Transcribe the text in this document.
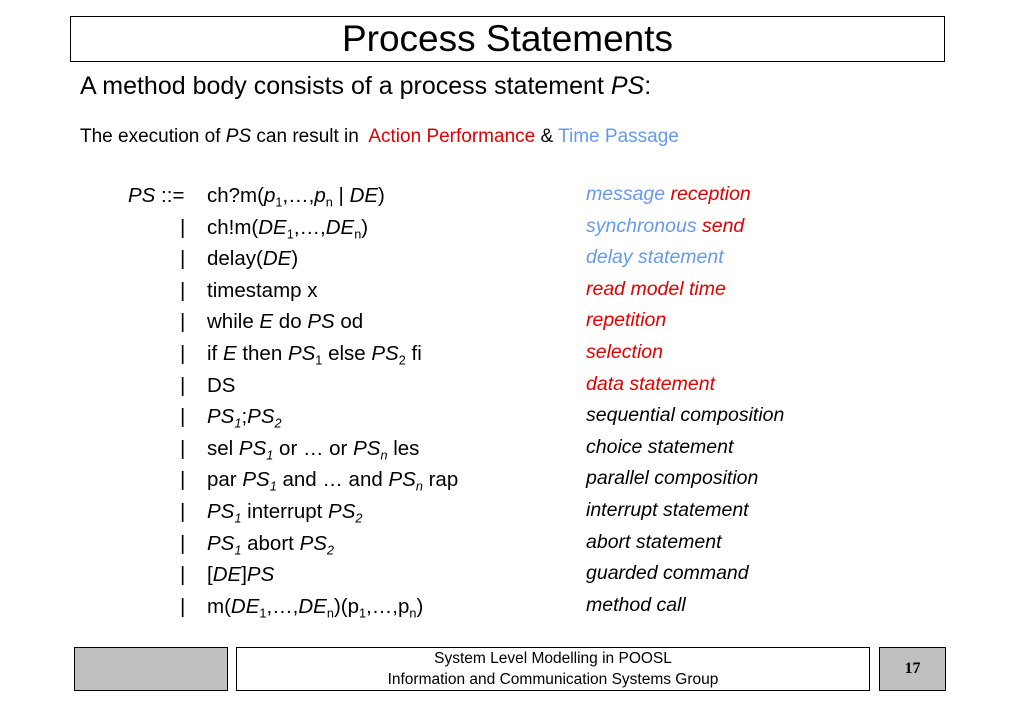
Process Statements
A method body consists of a process statement PS:
The execution of PS can result in  Action Performance & Time Passage
PS ::= $ch?m(p_1,\dots,p_n$ | DE)
| $ch!m(DE_1,\dots,DE_n)$
| delay(DE)
| timestamp x
| while E do PS od
| if E then $PS_1$ else $PS_2$ fi
| DS
| $PS_1;PS_2$
| sel $PS_1$ or … or $PS_n$ les
| par $PS_1$ and … and $PS_n$ rap
| $PS_1$ interrupt $PS_2$
| $PS_1$ abort $PS_2$
| [DE]PS
| $m(DE_1,\dots,DE_n)(p_1,\dots,p_n)$
message reception
synchronous send
delay statement
read model time
repetition
selection
data statement
sequential composition
choice statement
parallel composition
interrupt statement
abort statement
guarded command
method call
System Level Modelling in POOSL
Information and Communication Systems Group
17
